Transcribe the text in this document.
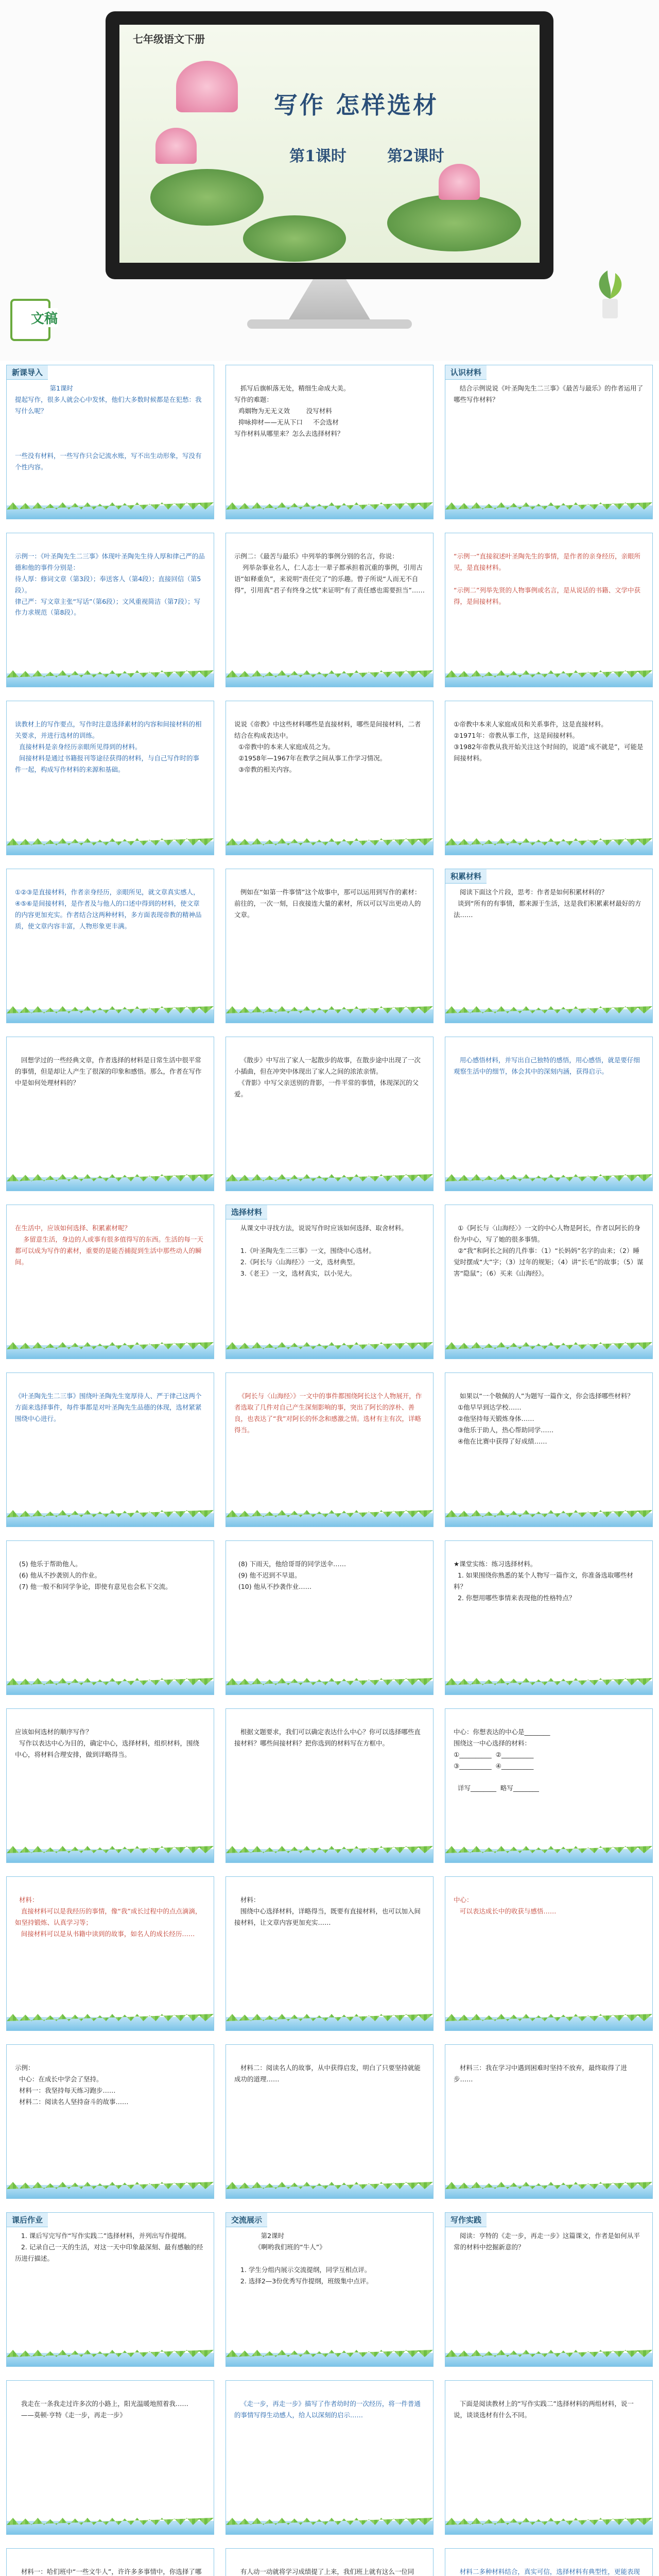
七年级语文下册
写作 怎样选材
第1课时	第2课时
文稿
新课导入
第1课时
提起写作，很多人就会心中发怵，他们大多数时候都是在犯愁：我写什么呢？

一些没有材料，一些写作只会记流水账，写不出生动形象，写没有个性内容。
抓写后旗帜落无处，精细生命成大美。
写作的难题：
鸡姻物为无无义效        没写材料
抑咏抑材——无从下口     不会选材
写作材料从哪里来？怎么去选择材料？
认识材料
结合示例说说《叶圣陶先生二三事》《最苦与最乐》的作者运用了哪些写作材料？
示例一：《叶圣陶先生二三事》体现叶圣陶先生待人厚和律己严的品德和他的事件分别是：
待人厚：修词文章（第3段）；奉送客人（第4段）；直接回信（第5段）。
律己严：写文章主张“写话”（第6段）；文风重视简洁（第7段）；写作力求规范（第8段）。
示例二：《最苦与最乐》中列举的事例分别的名言，你说：
列举杂事业名人，仁人志士一辈子都承担着沉重的事例，引用古语“如释重负”，来说明“责任完了”的乐趣。曾子所说“人而无不自得”，引用真“君子有终身之忧”来证明“有了责任感也需要担当”……
“示例一”直接叙述叶圣陶先生的事情，是作者的亲身经历，亲眼所见，是直接材料。

“示例二”列举先贤的人物事例或名言，是从说话的书籍、文学中获得，是间接材料。
读教材上的写作要点，写作时注意选择素材的内容和间接材料的相关要求，并进行选材的训练。
直接材料是亲身经历亲眼所见得到的材料。
间接材料是通过书籍报刊等途径获得的材料，与自己写作时的事件一起，构成写作材料的来源和基础。
说说《帝教》中这些材料哪些是直接材料，哪些是间接材料，二者结合在构成表达中。
①帝教中的本来人家庭成员之为。
②1958年—1967年在教学之间从事工作学习情况。
③帝教的相关内容。
①帝教中本来人家庭成员和关系事件，这是直接材料。
②1971年：帝教从事工作，这是间接材料。
③1982年帝教从我开始关注这个时间的，说道“成不就是”，可能是间接材料。
①②③是直接材料，作者亲身经历，亲眼所见，就文章真实感人，④⑤⑥是间接材料，是作者及与他人的口述中得到的材料，使文章的内容更加充实。作者结合这两种材料，多方面表现帝教的精神品质，使文章内容丰富，人物形象更丰满。
例如在“如第一件事情”这个故事中，那可以运用到写作的素材：前往的，一次一刻，日夜接连大量的素材，所以可以写出更动人的文章。
积累材料
阅读下面这个片段，思考：作者是如何积累材料的？
谈到“所有的有事情，都来源于生活，这是我们积累素材最好的方法……
回想学过的一些经典文章，作者选择的材料是日常生活中很平常的事情，但是却让人产生了很深的印象和感悟。那么，作者在写作中是如何处理材料的？
《散步》中写出了家人一起散步的故事，在散步途中出现了一次小插曲，但在冲突中体现出了家人之间的浓浓亲情。
《背影》中写父亲送别的背影，一件平常的事情，体现深沉的父爱。
用心感悟材料，并写出自己独特的感悟，用心感悟，就是要仔细观察生活中的细节，体会其中的深刻内涵，获得启示。
在生活中，应该如何选择、积累素材呢？
多留意生活，身边的人或事有很多值得写的东西。生活的每一天都可以成为写作的素材，重要的是能否捕捉到生活中那些动人的瞬间。

选择材料
从课文中寻找方法，说说写作时应该如何选择、取舍材料。

1.《叶圣陶先生二三事》一文，围绕中心选材。
2.《阿长与〈山海经〉》一文，选材典型。
3.《老王》一文，选材真实，以小见大。
①《阿长与〈山海经〉》一文的中心人物是阿长，作者以阿长的身份为中心，写了她的很多事情。
②“我”和阿长之间的几件事：（1）“长妈妈”名字的由来；（2）睡觉时摆成“大”字；（3）过年的规矩；（4）讲“长毛”的故事；（5）谋害“隐鼠”；（6）买来《山海经》。
《叶圣陶先生二三事》围绕叶圣陶先生宽厚待人、严于律己这两个方面来选择事件，每件事都是对叶圣陶先生品德的体现，选材紧紧围绕中心进行。
《阿长与〈山海经〉》一文中的事件都围绕阿长这个人物展开，作者选取了几件对自己产生深刻影响的事，突出了阿长的淳朴、善良，也表达了“我”对阿长的怀念和感激之情。选材有主有次，详略得当。
如果以“一个敬佩的人”为题写一篇作文，你会选择哪些材料？
①他早早到达学校……
②他坚持每天锻炼身体……
③他乐于助人，热心帮助同学……
④他在比赛中获得了好成绩……
(5) 他乐于帮助他人。
(6) 他从不抄袭别人的作业。
(7) 他一般不和同学争论，即使有意见也会私下交流。
(8) 下雨天，他给哥哥的同学送伞……
(9) 他不迟到不早退。
(10) 他从不抄袭作业……
★课堂实练：练习选择材料。
1. 如果围绕你熟悉的某个人物写一篇作文，你准备选取哪些材料？
2. 你想用哪些事情来表现他的性格特点？
应该如何选材的顺序写作？
写作以表达中心为目的，确定中心，选择材料，组织材料，围绕中心，将材料合理安排，做到详略得当。
根据文题要求，我们可以确定表达什么中心？你可以选择哪些直接材料？哪些间接材料？把你选到的材料写在方框中。
中心：你想表达的中心是________
围绕这一中心选择的材料：
①__________  ②__________
③__________  ④__________

详写________  略写________
材料：
直接材料可以是我经历的事情，像“我”成长过程中的点点滴滴，如坚持锻炼、认真学习等；
间接材料可以是从书籍中读到的故事，如名人的成长经历……
材料：
围绕中心选择材料，详略得当，既要有直接材料，也可以加入间接材料，让文章内容更加充实……
中心：
可以表达成长中的收获与感悟……
示例：
中心：在成长中学会了坚持。
材料一：我坚持每天练习跑步……
材料二：阅读名人坚持奋斗的故事……
材料二：阅读名人的故事，从中获得启发，明白了只要坚持就能成功的道理……
材料三：我在学习中遇到困难时坚持不放弃，最终取得了进步……
课后作业
1. 课后写完写作“写作实践二”选择材料，并列出写作提纲。
2. 记录自己一天的生活，对这一天中印象最深刻、最有感触的经历进行描述。
交流展示
第2课时
《啊哟我们班的“牛人”》

1. 学生分组内展示交流提纲，同学互相点评。
2. 选择2—3份优秀写作提纲，班级集中点评。
写作实践
阅读：亨特的《走一步，再走一步》这篇课文，作者是如何从平常的材料中挖掘新意的？
我走在一条我走过许多次的小路上，阳光温暖地照着我……
——莫顿·亨特《走一步，再走一步》
《走一步，再走一步》描写了作者幼时的一次经历，将一件普通的事情写得生动感人，给人以深刻的启示……
下面是阅读教材上的“写作实践二”选择材料的两组材料，说一说，谈谈选材有什么不同。
材料一：哈们班中“一些文牛人”，许许多多事情中，你选择了哪
	有人动一动就将学习成绩提了上来，我们班上就有这么一位同	材料二多种材料结合，真实可信，选择材料有典型性，更能表现
